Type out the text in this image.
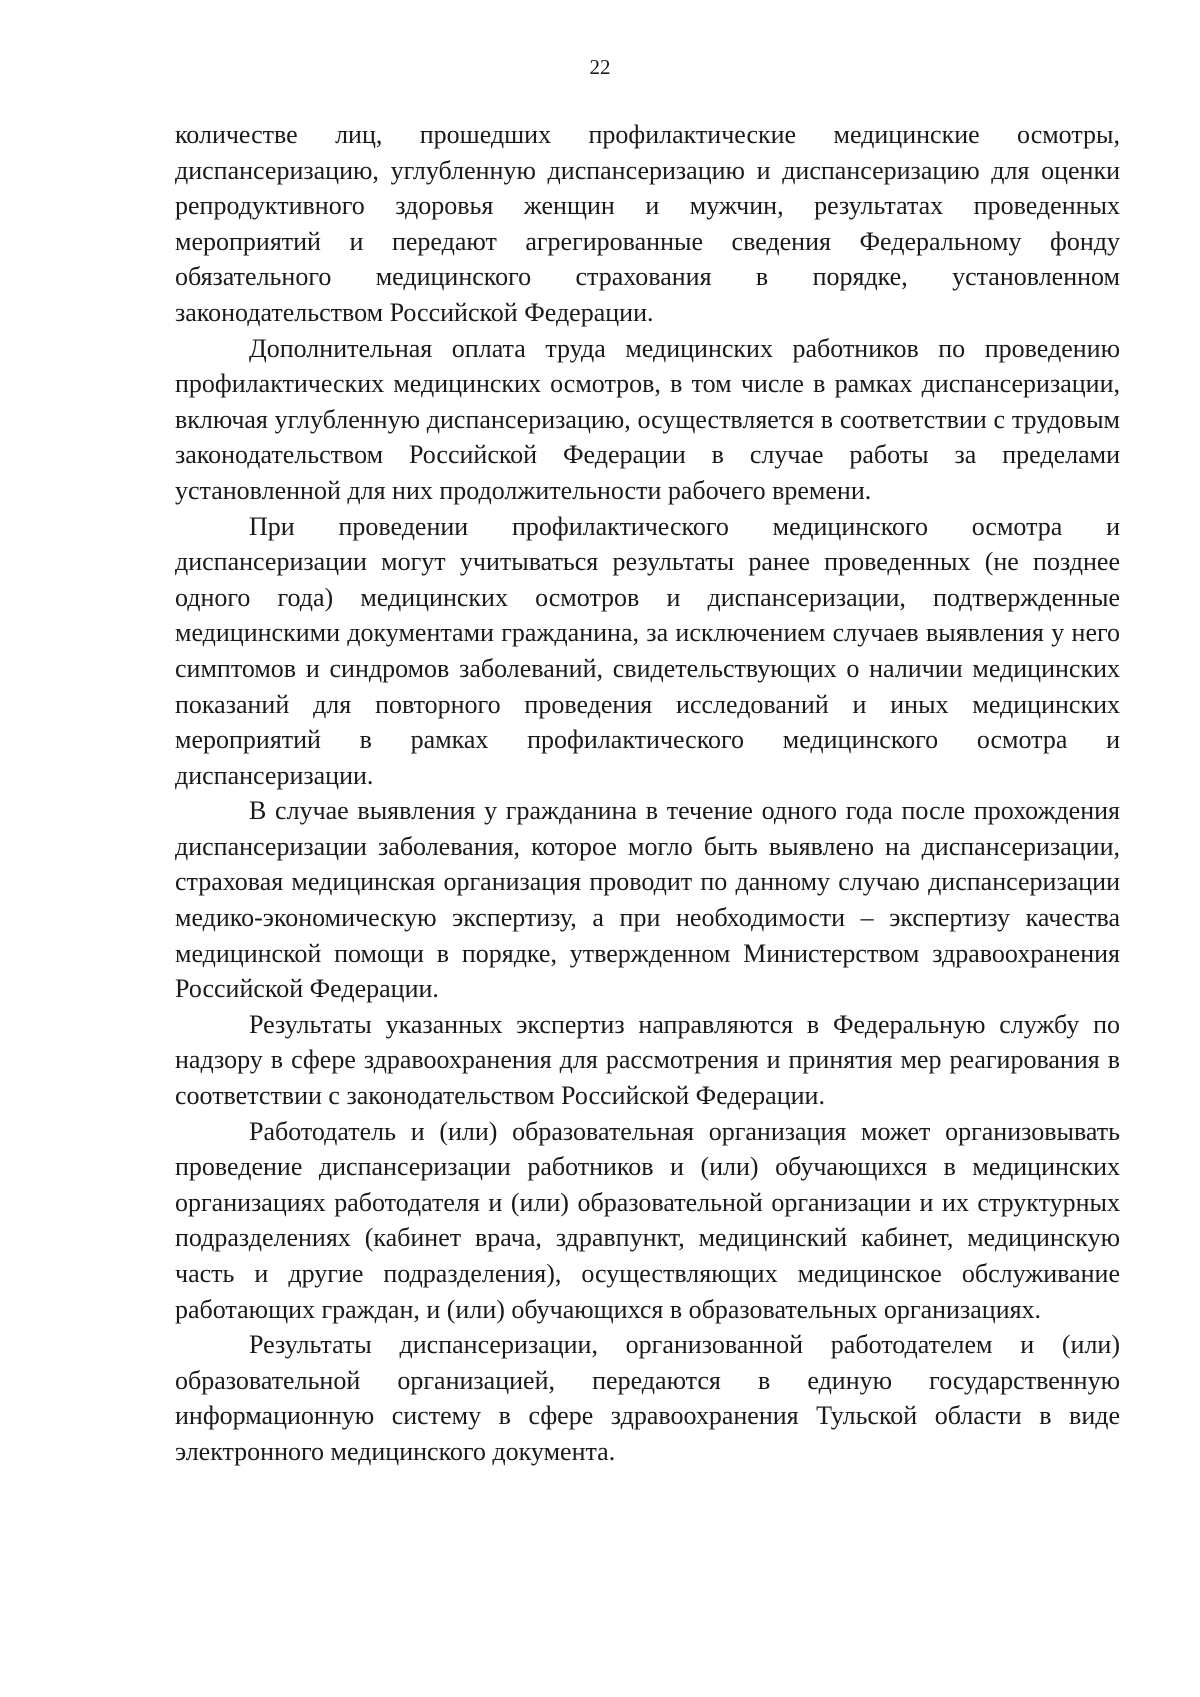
22

количестве лиц, прошедших профилактические медицинские осмотры, диспансеризацию, углубленную диспансеризацию и диспансеризацию для оценки репродуктивного здоровья женщин и мужчин, результатах проведенных мероприятий и передают агрегированные сведения Федеральному фонду обязательного медицинского страхования в порядке, установленном законодательством Российской Федерации.

Дополнительная оплата труда медицинских работников по проведению профилактических медицинских осмотров, в том числе в рамках диспансеризации, включая углубленную диспансеризацию, осуществляется в соответствии с трудовым законодательством Российской Федерации в случае работы за пределами установленной для них продолжительности рабочего времени.

При проведении профилактического медицинского осмотра и диспансеризации могут учитываться результаты ранее проведенных (не позднее одного года) медицинских осмотров и диспансеризации, подтвержденные медицинскими документами гражданина, за исключением случаев выявления у него симптомов и синдромов заболеваний, свидетельствующих о наличии медицинских показаний для повторного проведения исследований и иных медицинских мероприятий в рамках профилактического медицинского осмотра и диспансеризации.

В случае выявления у гражданина в течение одного года после прохождения диспансеризации заболевания, которое могло быть выявлено на диспансеризации, страховая медицинская организация проводит по данному случаю диспансеризации медико-экономическую экспертизу, а при необходимости – экспертизу качества медицинской помощи в порядке, утвержденном Министерством здравоохранения Российской Федерации.

Результаты указанных экспертиз направляются в Федеральную службу по надзору в сфере здравоохранения для рассмотрения и принятия мер реагирования в соответствии с законодательством Российской Федерации.

Работодатель и (или) образовательная организация может организовывать проведение диспансеризации работников и (или) обучающихся в медицинских организациях работодателя и (или) образовательной организации и их структурных подразделениях (кабинет врача, здравпункт, медицинский кабинет, медицинскую часть и другие подразделения), осуществляющих медицинское обслуживание работающих граждан, и (или) обучающихся в образовательных организациях.

Результаты диспансеризации, организованной работодателем и (или) образовательной организацией, передаются в единую государственную информационную систему в сфере здравоохранения Тульской области в виде электронного медицинского документа.
